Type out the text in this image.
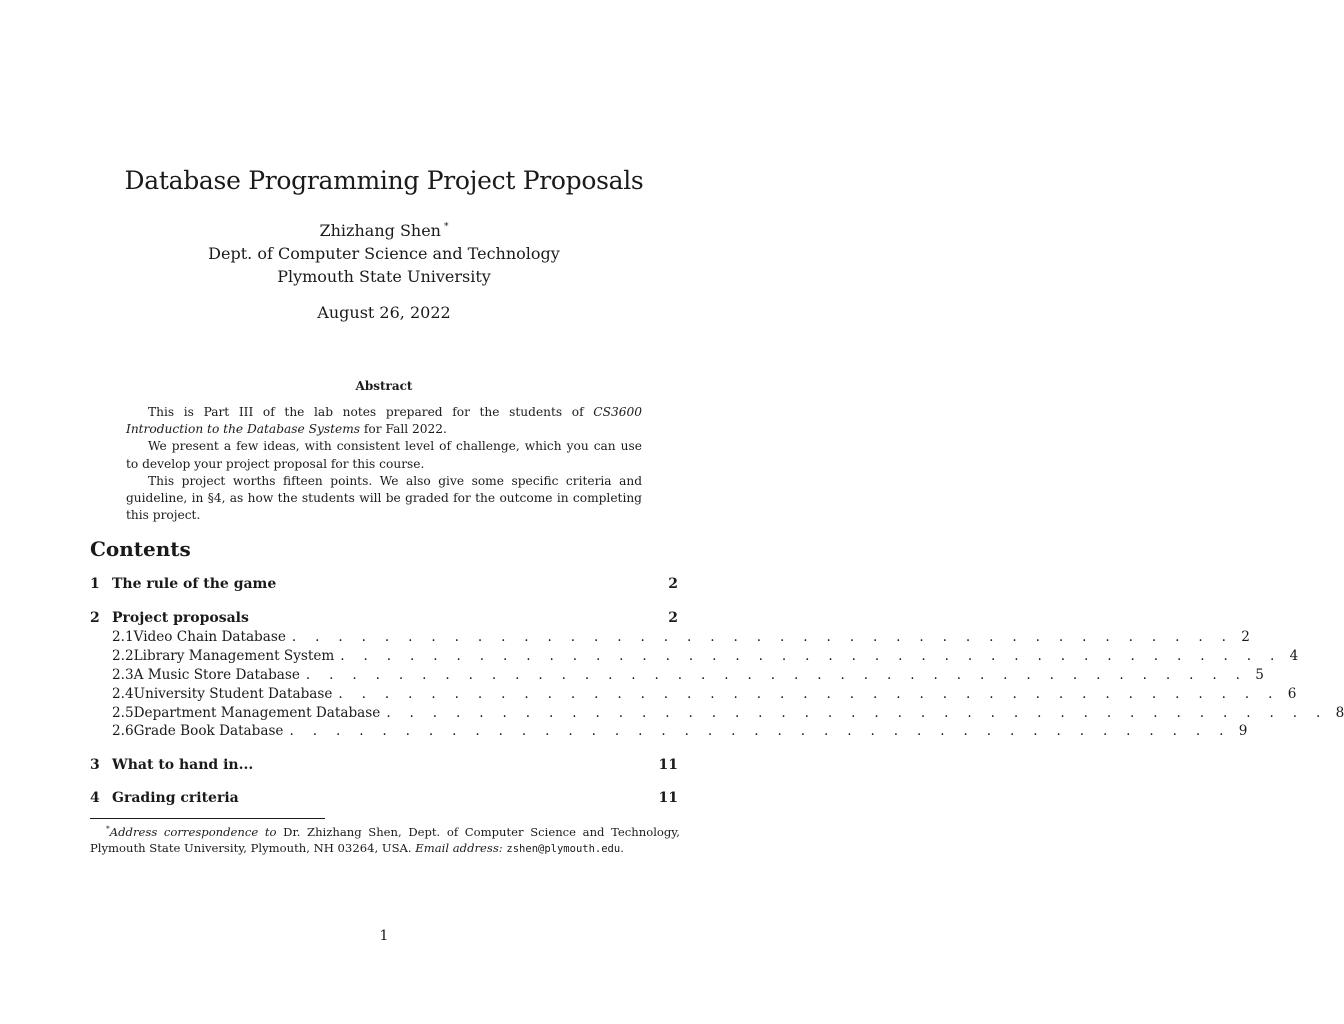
Database Programming Project Proposals
Zhizhang Shen *
Dept. of Computer Science and Technology
Plymouth State University
August 26, 2022
Abstract

This is Part III of the lab notes prepared for the students of CS3600 Introduction to the Database Systems for Fall 2022.

We present a few ideas, with consistent level of challenge, which you can use to develop your project proposal for this course.

This project worths fifteen points. We also give some specific criteria and guideline, in §4, as how the students will be graded for the outcome in completing this project.

Contents
1 The rule of the game	2
2 Project proposals	2
2.1 Video Chain Database . . . . . . . . . . . . . . . . . . . . . . . . . . . . . . . . . . . . . . . . . 2
2.2 Library Management System . . . . . . . . . . . . . . . . . . . . . . . . . . . . . . . . . . . . . . . . . 4
2.3 A Music Store Database . . . . . . . . . . . . . . . . . . . . . . . . . . . . . . . . . . . . . . . . . 5
2.4 University Student Database . . . . . . . . . . . . . . . . . . . . . . . . . . . . . . . . . . . . . . . . . 6
2.5 Department Management Database . . . . . . . . . . . . . . . . . . . . . . . . . . . . . . . . . . . . . . . . . 8
2.6 Grade Book Database . . . . . . . . . . . . . . . . . . . . . . . . . . . . . . . . . . . . . . . . . 9
3 What to hand in...	11
4 Grading criteria	11
*Address correspondence to Dr. Zhizhang Shen, Dept. of Computer Science and Technology, Plymouth State University, Plymouth, NH 03264, USA. Email address: zshen@plymouth.edu.
1
